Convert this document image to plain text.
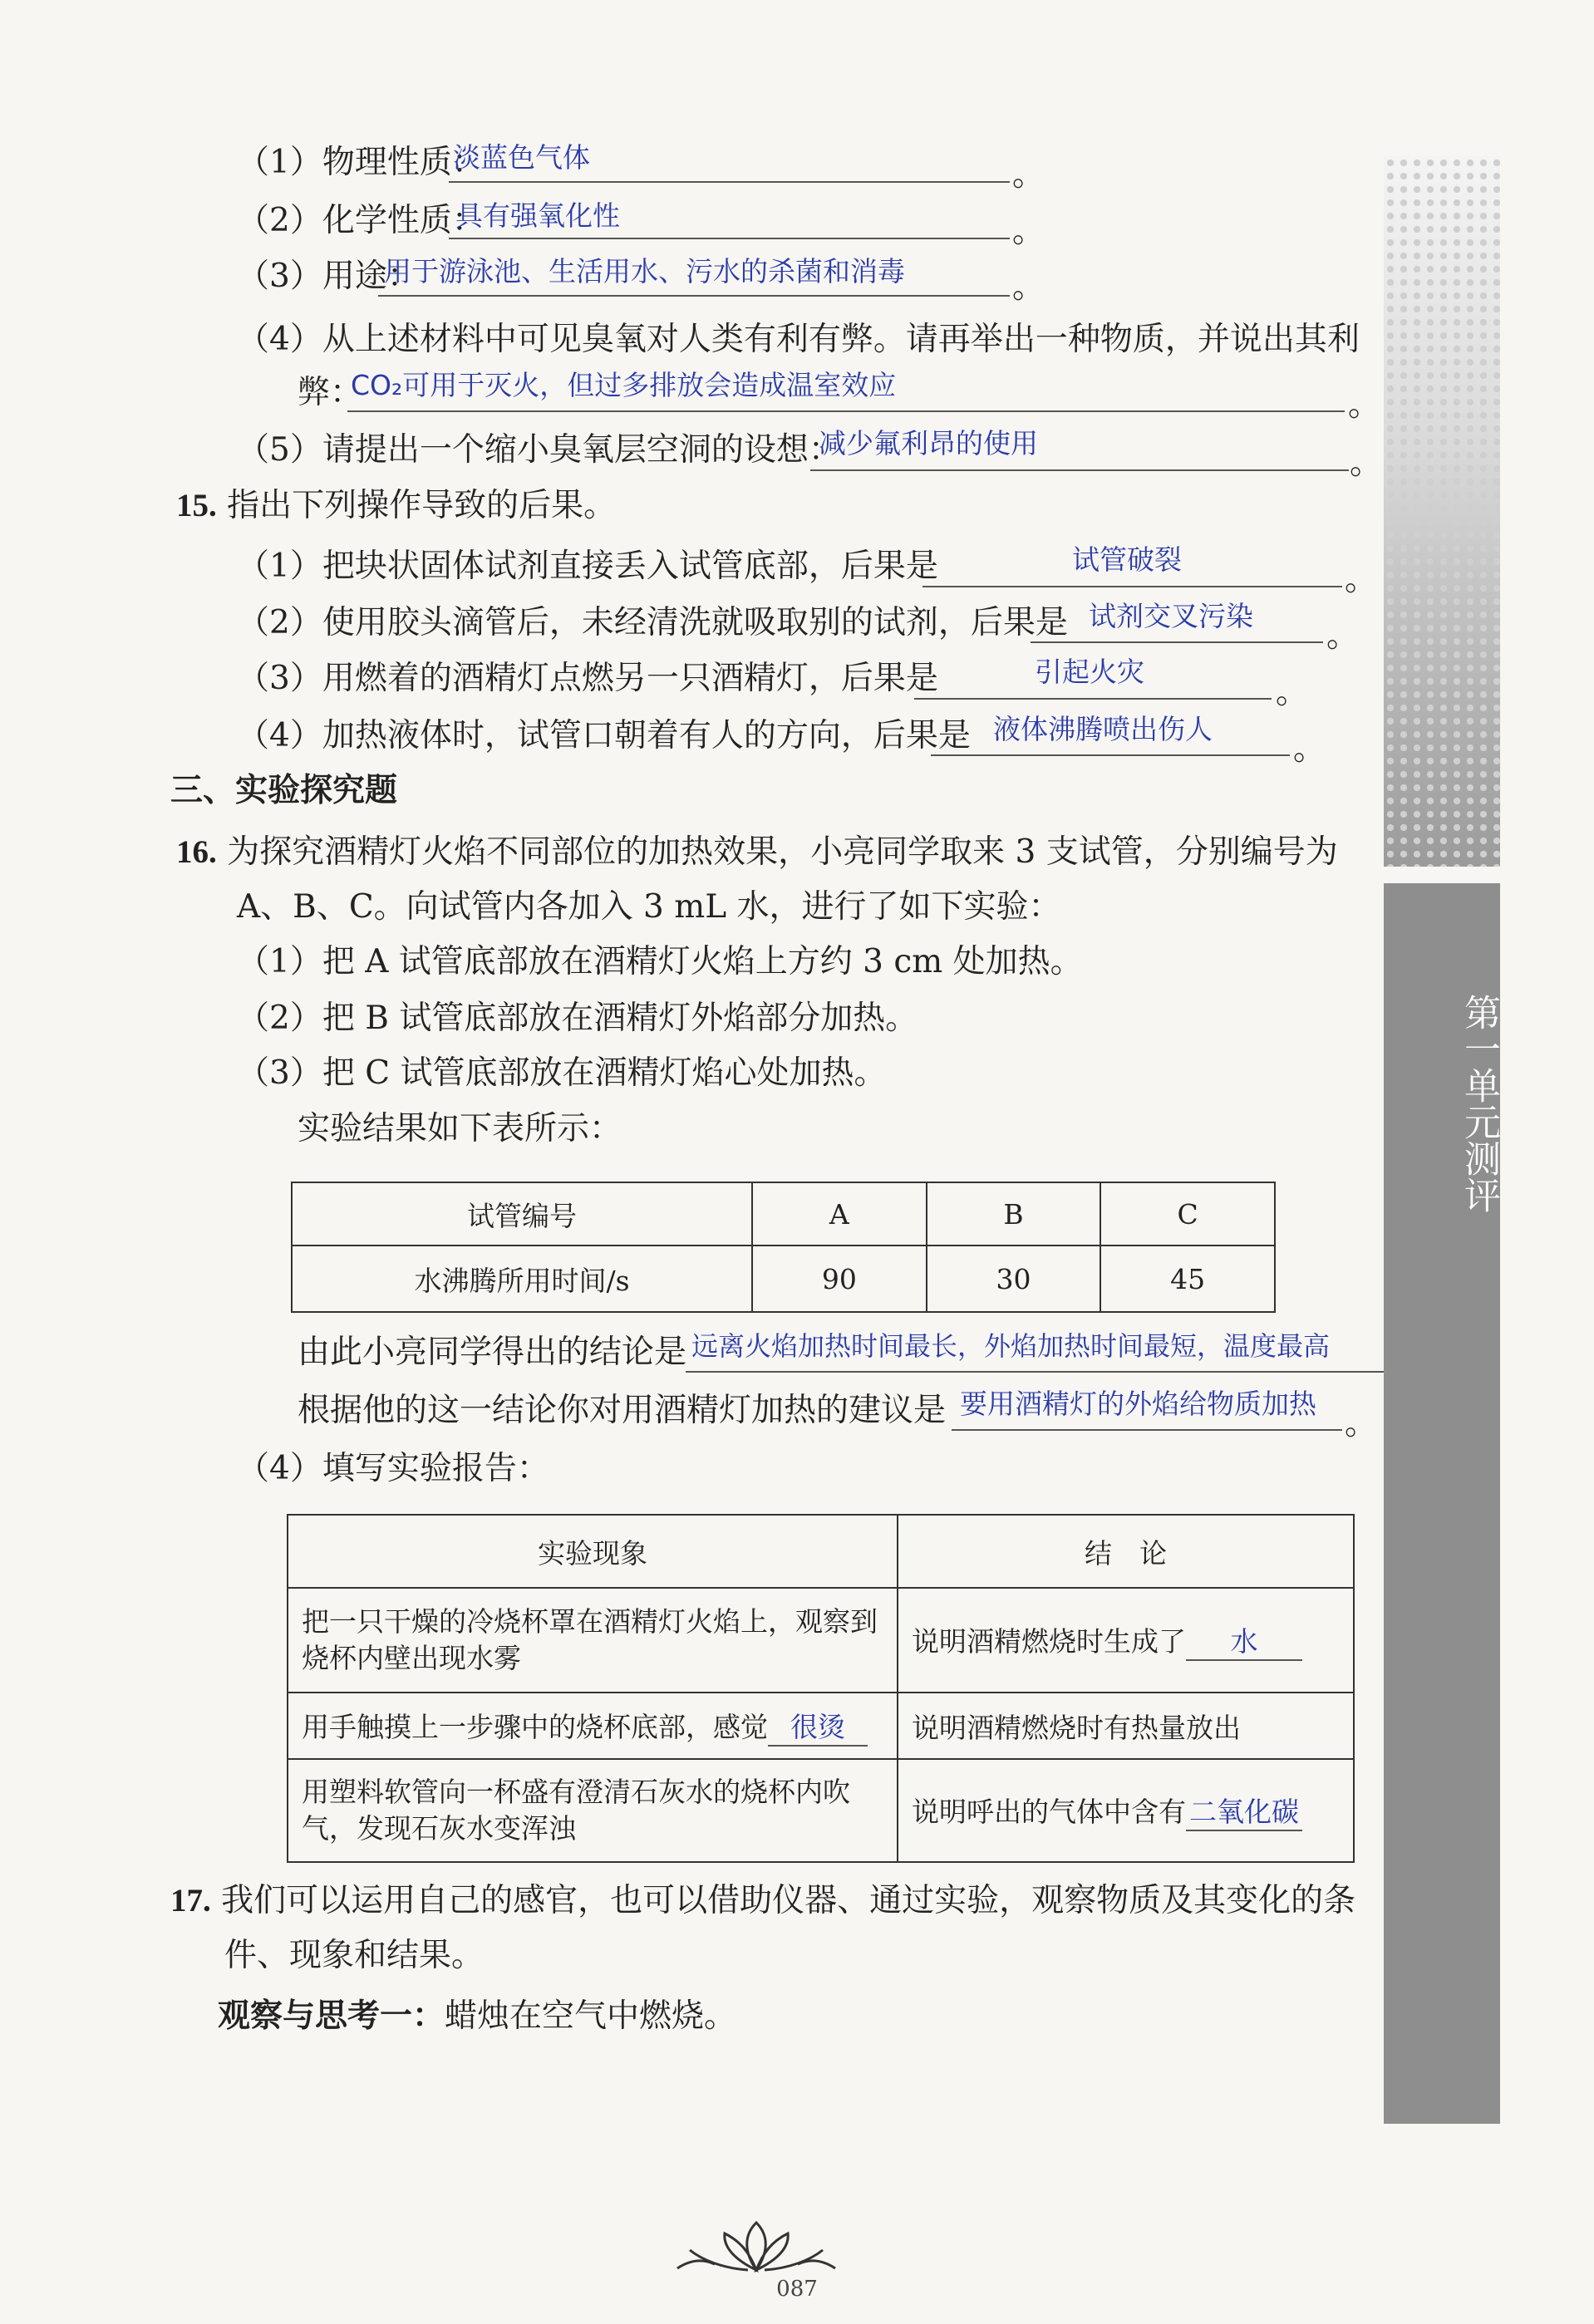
（1）物理性质：
淡蓝色气体	。
（2）化学性质：
具有强氧化性	。
（3）用途：
用于游泳池、生活用水、污水的杀菌和消毒	。
（4）从上述材料中可见臭氧对人类有利有弊。请再举出一种物质，并说出其利
弊：
CO₂可用于灭火，但过多排放会造成温室效应
。
（5）请提出一个缩小臭氧层空洞的设想：
减少氟利昂的使用
。
15. 指出下列操作导致的后果。
（1）把块状固体试剂直接丢入试管底部，后果是	试管破裂
。
（2）使用胶头滴管后，未经清洗就吸取别的试剂，后果是 试剂交叉污染
。
（3）用燃着的酒精灯点燃另一只酒精灯，后果是	引起火灾
。
（4）加热液体时，试管口朝着有人的方向，后果是 液体沸腾喷出伤人
。
三、实验探究题
16. 为探究酒精灯火焰不同部位的加热效果，小亮同学取来 3 支试管，分别编号为
A、B、C。向试管内各加入 3 mL 水，进行了如下实验：
（1）把 A 试管底部放在酒精灯火焰上方约 3 cm 处加热。
（2）把 B 试管底部放在酒精灯外焰部分加热。
（3）把 C 试管底部放在酒精灯焰心处加热。
实验结果如下表所示：
试管编号	A	B	C
水沸腾所用时间/s	90	30	45
由此小亮同学得出的结论是 远离火焰加热时间最长，外焰加热时间最短，温度最高
根据他的这一结论你对用酒精灯加热的建议是 要用酒精灯的外焰给物质加热
。
（4）填写实验报告：
实验现象	结　论

把一只干燥的冷烧杯罩在酒精灯火焰上，观察到
烧杯内壁出现水雾	说明酒精燃烧时生成了 水
用手触摸上一步骤中的烧杯底部，感觉 很烫	说明酒精燃烧时有热量放出

用塑料软管向一杯盛有澄清石灰水的烧杯内吹
气，发现石灰水变浑浊	说明呼出的气体中含有 二氧化碳
17. 我们可以运用自己的感官，也可以借助仪器、通过实验，观察物质及其变化的条
件、现象和结果。
观察与思考一：蜡烛在空气中燃烧。
第一单元测评
087
